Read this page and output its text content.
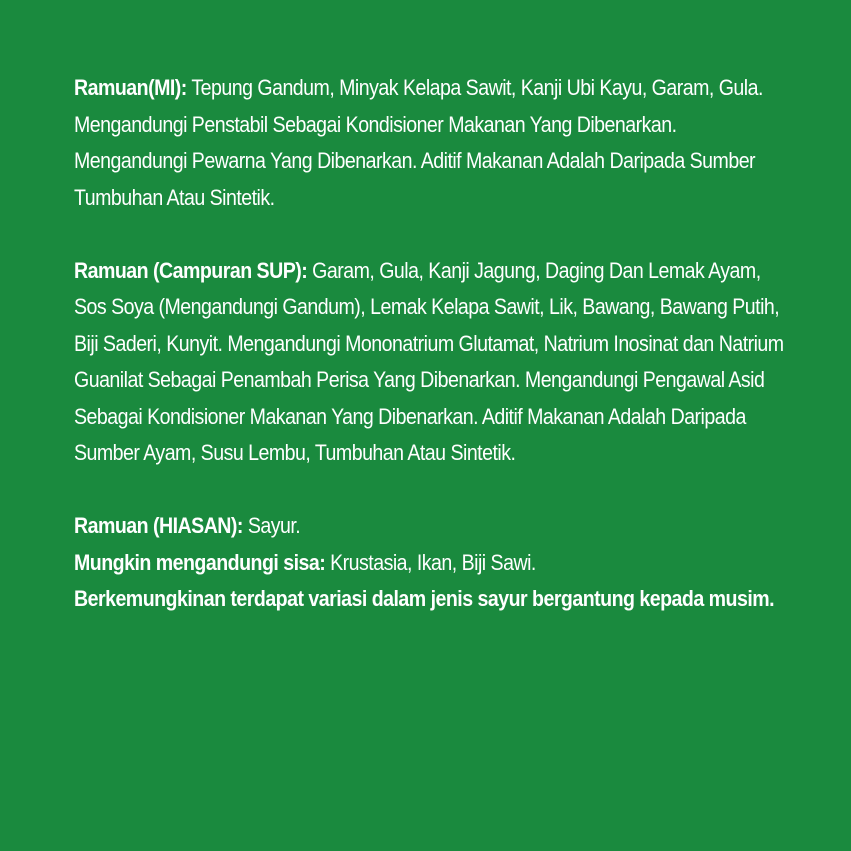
Ramuan(MI): Tepung Gandum, Minyak Kelapa Sawit, Kanji Ubi Kayu, Garam, Gula. Mengandungi Penstabil Sebagai Kondisioner Makanan Yang Dibenarkan. Mengandungi Pewarna Yang Dibenarkan. Aditif Makanan Adalah Daripada Sumber Tumbuhan Atau Sintetik.

Ramuan (Campuran SUP): Garam, Gula, Kanji Jagung, Daging Dan Lemak Ayam, Sos Soya (Mengandungi Gandum), Lemak Kelapa Sawit, Lik, Bawang, Bawang Putih, Biji Saderi, Kunyit. Mengandungi Mononatrium Glutamat, Natrium Inosinat dan Natrium Guanilat Sebagai Penambah Perisa Yang Dibenarkan. Mengandungi Pengawal Asid Sebagai Kondisioner Makanan Yang Dibenarkan. Aditif Makanan Adalah Daripada Sumber Ayam, Susu Lembu, Tumbuhan Atau Sintetik.

Ramuan (HIASAN): Sayur.

Mungkin mengandungi sisa: Krustasia, Ikan, Biji Sawi.

Berkemungkinan terdapat variasi dalam jenis sayur bergantung kepada musim.
